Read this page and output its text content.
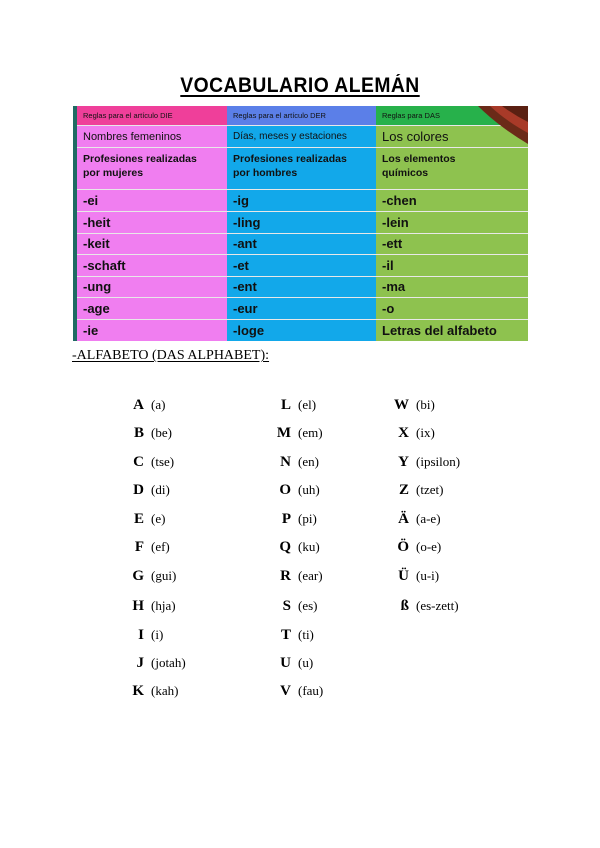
VOCABULARIO ALEMÁN
Reglas para el artículo DIE
Nombres femeninos
Profesiones realizadas
por mujeres
-ei
-heit
-keit
-schaft
-ung
-age
-ie
Reglas para el artículo DER
Días, meses y estaciones
Profesiones realizadas
por hombres
-ig
-ling
-ant
-et
-ent
-eur
-loge
Reglas para DAS
Los colores
Los elementos
químicos
-chen
-lein
-ett
-il
-ma
-o
Letras del alfabeto
-ALFABETO (DAS ALPHABET):
A (a)
B (be)
C (tse)
D (di)
E (e)
F (ef)
G (gui)
H (hja)
I (i)
J (jotah)
K (kah)
L (el)
M (em)
N (en)
O (uh)
P (pi)
Q (ku)
R (ear)
S (es)
T (ti)
U (u)
V (fau)
W (bi)
X (ix)
Y (ipsilon)
Z (tzet)
Ä (a-e)
Ö (o-e)
Ü (u-i)
ß (es-zett)
